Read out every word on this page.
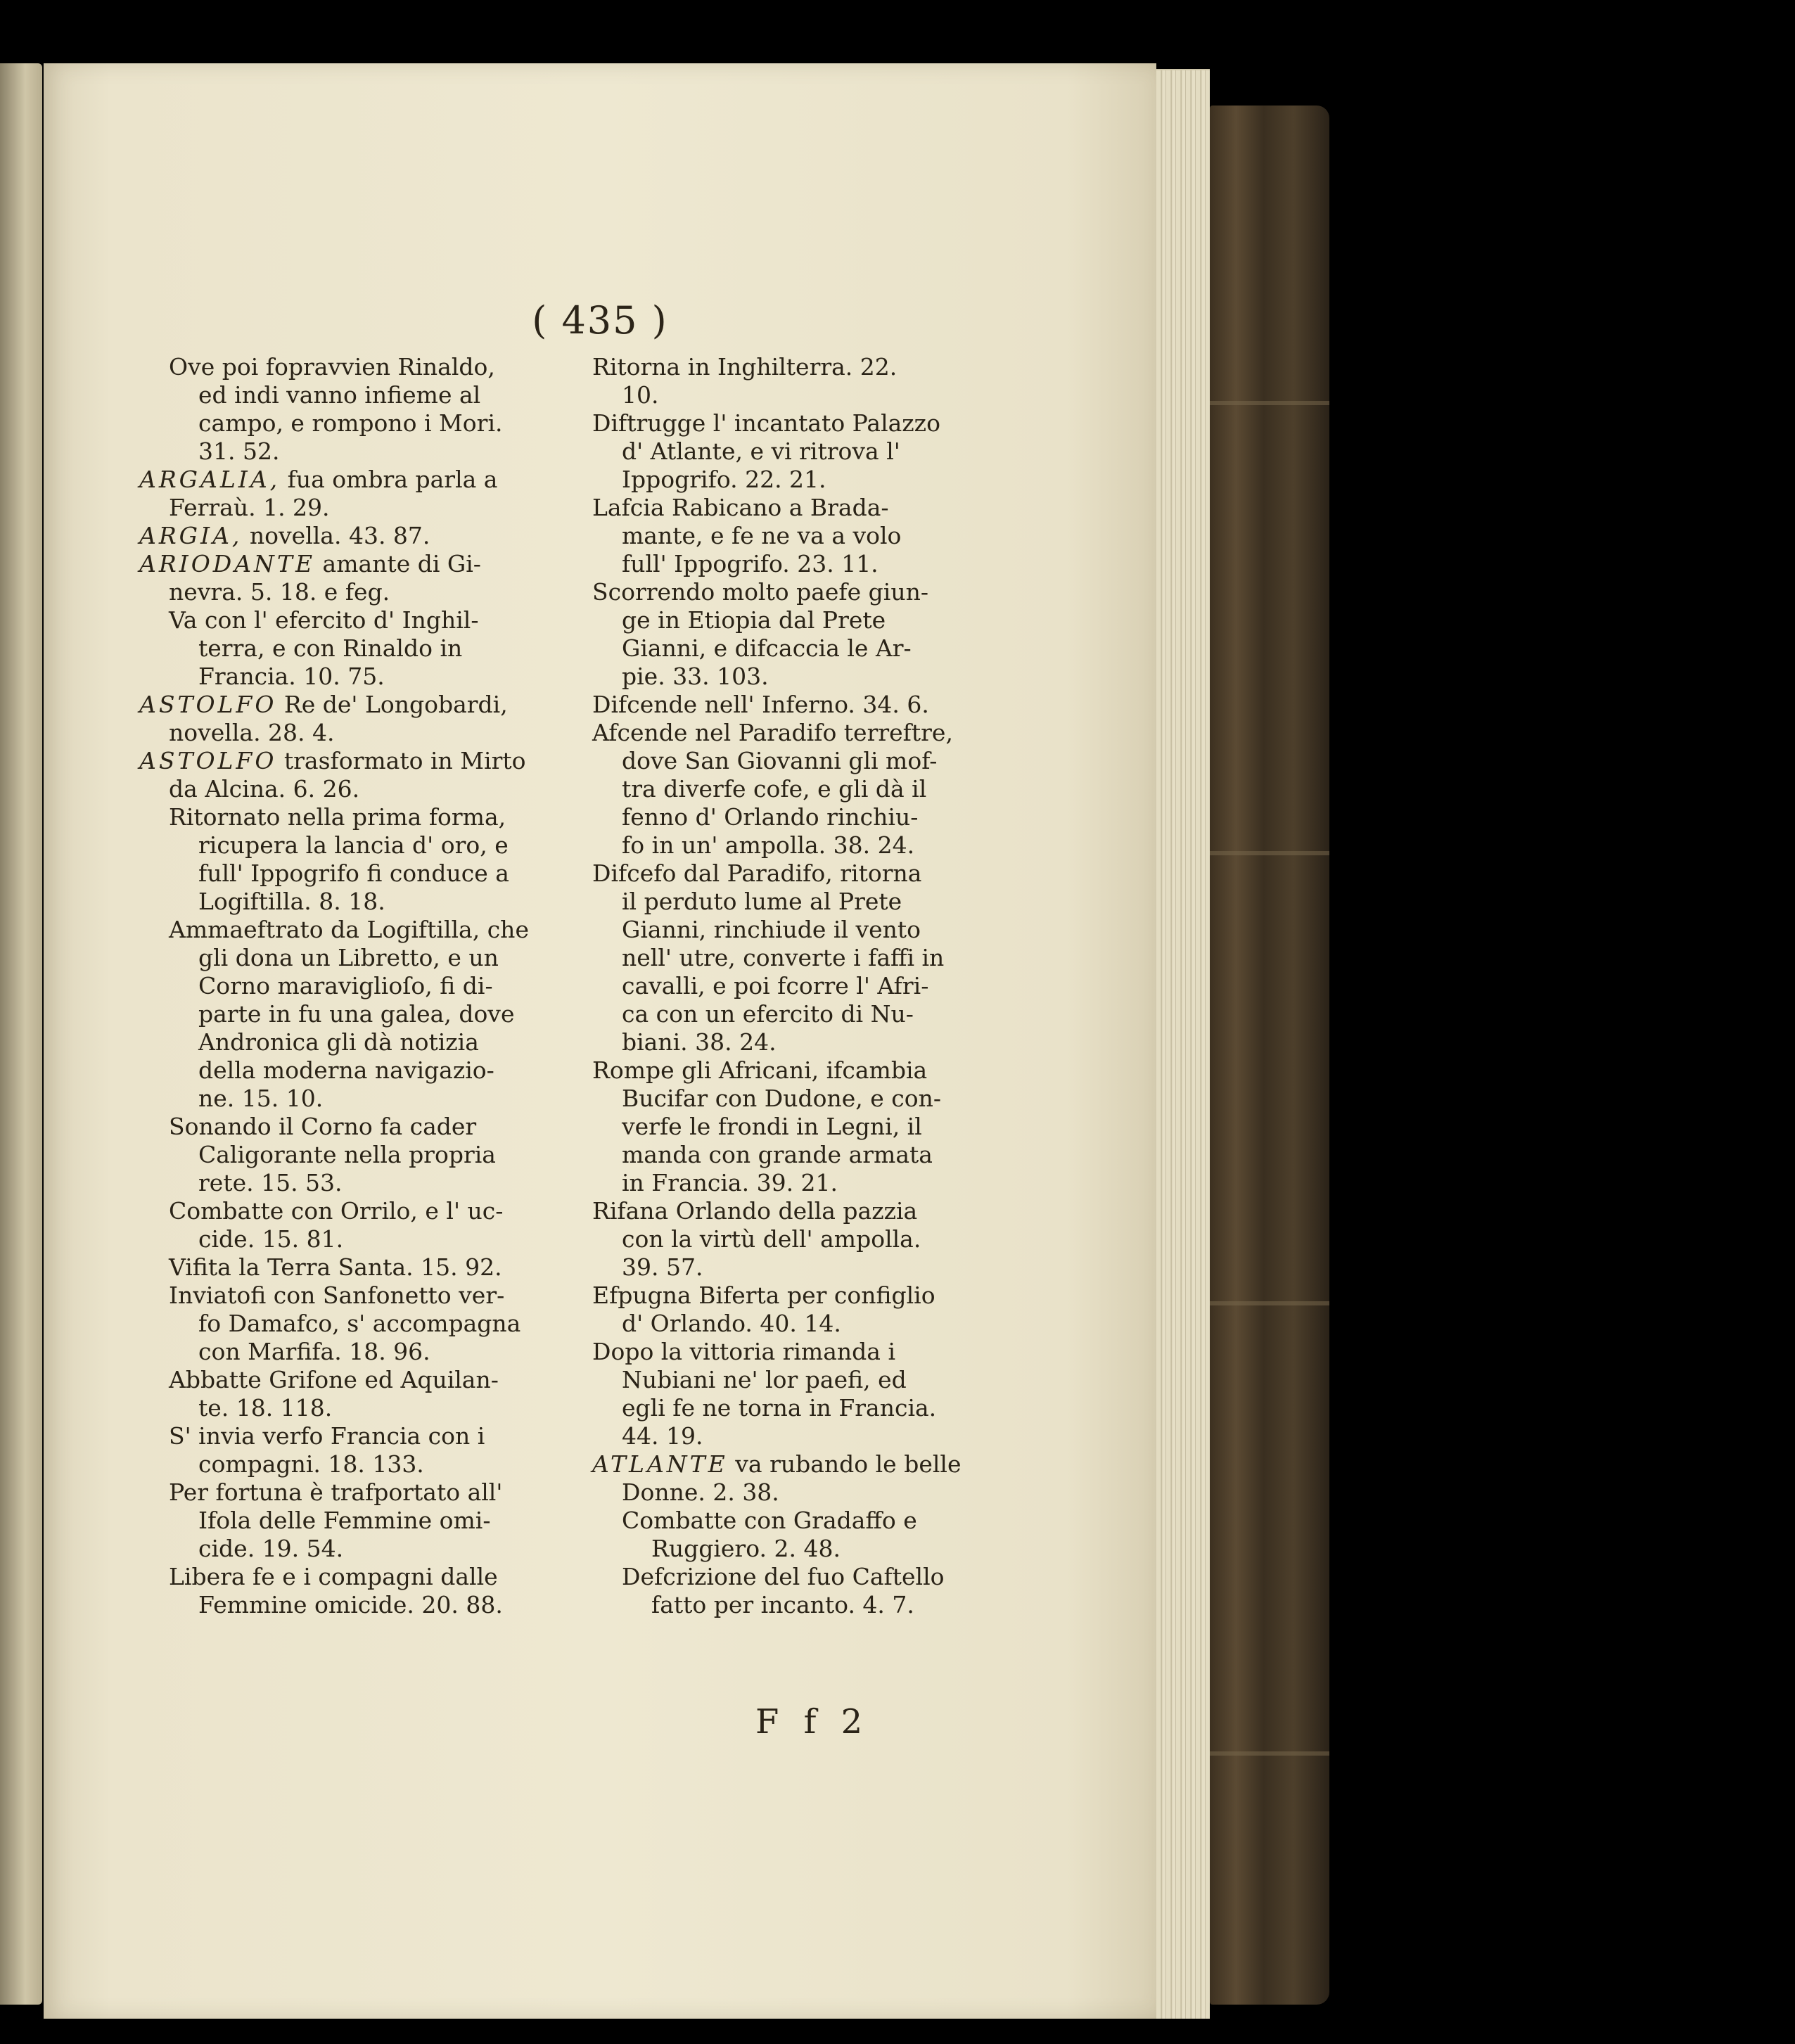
( 435 )
Ove poi fopravvien Rinaldo,
ed indi vanno infieme al
campo, e rompono i Mori.
31. 52.
ARGALIA, fua ombra parla a
Ferraù. 1. 29.
ARGIA, novella. 43. 87.
ARIODANTE amante di Gi-
nevra. 5. 18. e feg.
Va con l' efercito d' Inghil-
terra, e con Rinaldo in
Francia. 10. 75.
ASTOLFO Re de' Longobardi,
novella. 28. 4.
ASTOLFO trasformato in Mirto
da Alcina. 6. 26.
Ritornato nella prima forma,
ricupera la lancia d' oro, e
full' Ippogrifo fi conduce a
Logiftilla. 8. 18.
Ammaeftrato da Logiftilla, che
gli dona un Libretto, e un
Corno maraviglioſo, fi di-
parte in fu una galea, dove
Andronica gli dà notizia
della moderna navigazio-
ne. 15. 10.
Sonando il Corno fa cader
Caligorante nella propria
rete. 15. 53.
Combatte con Orrilo, e l' uc-
cide. 15. 81.
Vifita la Terra Santa. 15. 92.
Inviatofi con Sanfonetto ver-
fo Damafco, s' accompagna
con Marfifa. 18. 96.
Abbatte Grifone ed Aquilan-
te. 18. 118.
S' invia verfo Francia con i
compagni. 18. 133.
Per fortuna è trafportato all'
Ifola delle Femmine omi-
cide. 19. 54.
Libera fe e i compagni dalle
Femmine omicide. 20. 88.
Ritorna in Inghilterra. 22.
10.
Diftrugge l' incantato Palazzo
d' Atlante, e vi ritrova l'
Ippogrifo. 22. 21.
Lafcia Rabicano a Brada-
mante, e fe ne va a volo
full' Ippogrifo. 23. 11.
Scorrendo molto paefe giun-
ge in Etiopia dal Prete
Gianni, e difcaccia le Ar-
pie. 33. 103.
Difcende nell' Inferno. 34. 6.
Afcende nel Paradifo terreftre,
dove San Giovanni gli mof-
tra diverfe cofe, e gli dà il
fenno d' Orlando rinchiu-
fo in un' ampolla. 38. 24.
Difcefo dal Paradifo, ritorna
il perduto lume al Prete
Gianni, rinchiude il vento
nell' utre, converte i faffi in
cavalli, e poi fcorre l' Afri-
ca con un efercito di Nu-
biani. 38. 24.
Rompe gli Africani, ifcambia
Bucifar con Dudone, e con-
verfe le frondi in Legni, il
manda con grande armata
in Francia. 39. 21.
Rifana Orlando della pazzia
con la virtù dell' ampolla.
39. 57.
Efpugna Biferta per configlio
d' Orlando. 40. 14.
Dopo la vittoria rimanda i
Nubiani ne' lor paefi, ed
egli fe ne torna in Francia.
44. 19.
ATLANTE va rubando le belle
Donne. 2. 38.
Combatte con Gradaffo e
Ruggiero. 2. 48.
Defcrizione del fuo Caftello
fatto per incanto. 4. 7.
F f 2
